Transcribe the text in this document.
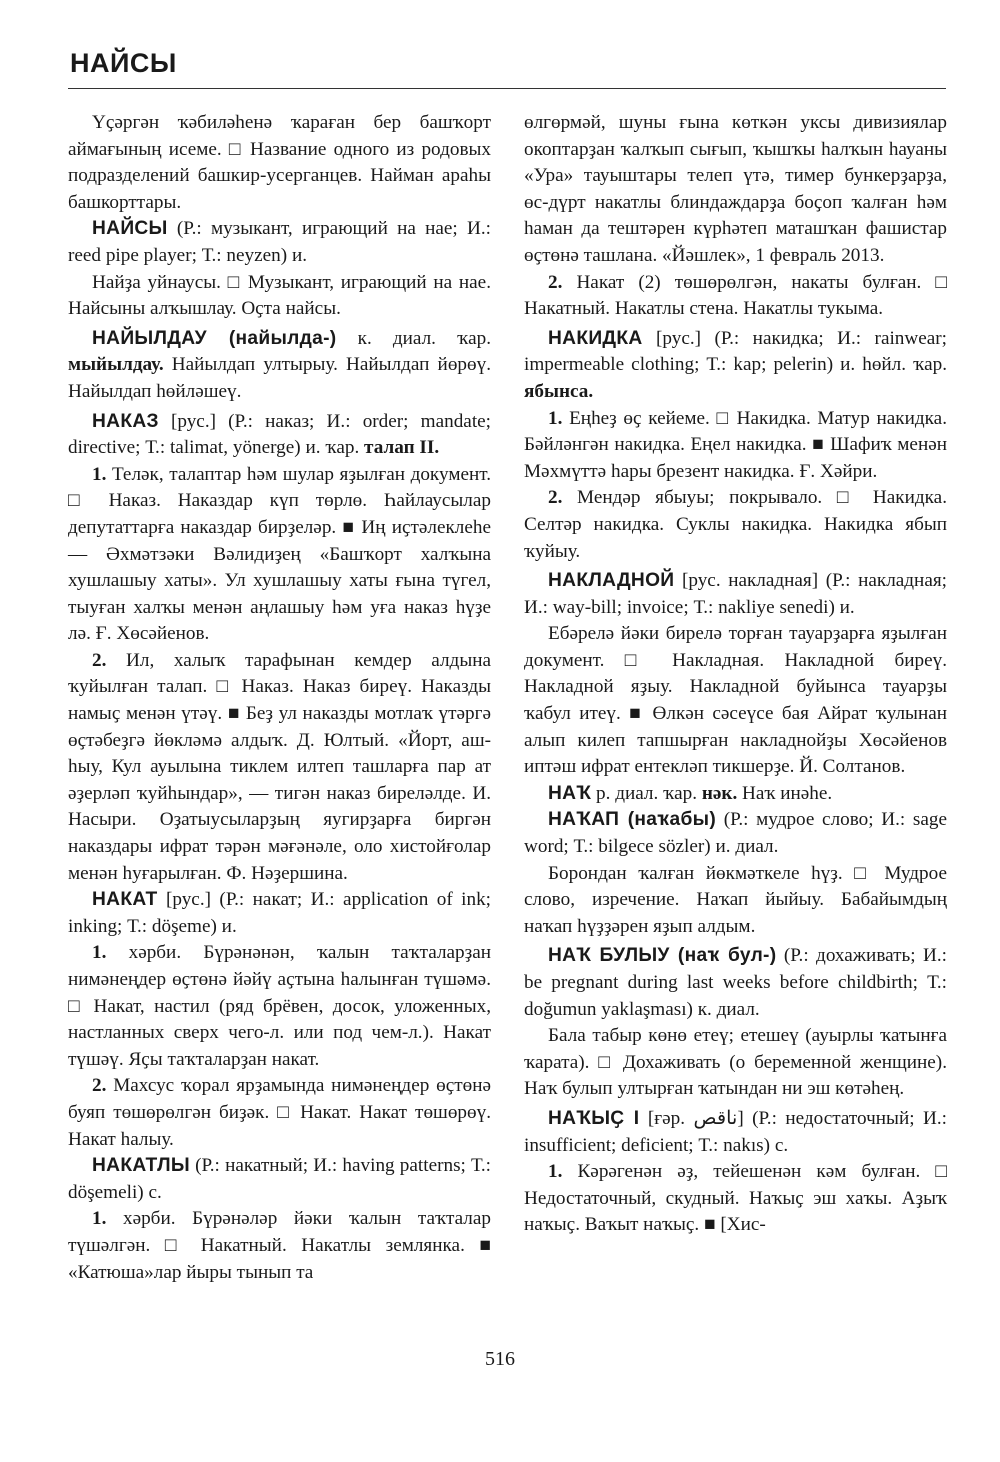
НАЙСЫ

Үҫәргән ҡәбиләһенә ҡараған бер башҡорт аймағының исеме. □ Название одного из родовых подразделений башкир-усерганцев. Найман араһы башкорттары.

НАЙСЫ (Р.: музыкант, играющий на нае; И.: reed pipe player; Т.: neyzen) и.

Найҙа уйнаусы. □ Музыкант, играющий на нае. Найсыны алҡышлау. Оҫта найсы.

НАЙЫЛДАУ (найылда-) к. диал. ҡар. мыйылдау. Найылдап ултырыу. Найылдап йөрөү. Найылдап һөйләшеү.

НАКАЗ [рус.] (Р.: наказ; И.: order; mandate; directive; Т.: talimat, yönerge) и. ҡар. талап II.

1. Теләк, талаптар һәм шулар яҙылған документ. □ Наказ. Наказдар күп төрлө. Һайлаусылар депутаттарға наказдар бирҙеләр. ■ Иң иҫтәлеклеһе — Әхмәтзәки Вәлидиҙең «Башҡорт халҡына хушлашыу хаты». Ул хушлашыу хаты ғына түгел, тыуған халҡы менән аңлашыу һәм уға наказ һүҙе лә. Ғ. Хөсәйенов.

2. Ил, халыҡ тарафынан кемдер алдына ҡуйылған талап. □ Наказ. Наказ биреү. Наказды намыҫ менән үтәү. ■ Беҙ ул наказды мотлаҡ үтәргә өҫтәбеҙгә йөкләмә алдыҡ. Д. Юлтый. «Йорт, аш-һыу, Кул ауылына тиклем илтеп ташларға пар ат әҙерләп ҡуйһындар», — тигән наказ биреләлде. И. Насыри. Оҙатыусыларҙың яугирҙарға биргән наказдары ифрат тәрән мәғәнәле, оло хистойғолар менән һуғарылған. Ф. Нәҙершина.

НАКАТ [рус.] (Р.: накат; И.: application of ink; inking; Т.: döşeme) и.

1. хәрби. Бүрәнәнән, ҡалын таҡталарҙан нимәнеңдер өҫтөнә йәйү аҫтына һалынған түшәмә. □ Накат, настил (ряд брёвен, досок, уложенных, настланных сверх чего-л. или под чем-л.). Накат түшәү. Яҫы таҡталарҙан накат.

2. Махсус ҡорал ярҙамында нимәнеңдер өҫтөнә буяп төшөрөлгән биҙәк. □ Накат. Накат төшөрөү. Накат һалыу.

НАКАТЛЫ (Р.: накатный; И.: having patterns; Т.: döşemeli) с.

1. хәрби. Бүрәнәләр йәки ҡалын таҡталар түшәлгән. □ Накатный. Накатлы землянка. ■ «Катюша»лар йыры тынып та

өлгөрмәй, шуны ғына көткән уксы дивизиялар окоптарҙан ҡалҡып сығып, ҡышҡы һалҡын һауаны «Ура» тауыштары телеп үтә, тимер бункерҙарҙа, өс-дүрт накатлы блиндаждарҙа боҫоп ҡалған һәм һаман да тештәрен күрһәтеп маташҡан фашистар өҫтөнә ташлана. «Йәшлек», 1 февраль 2013.

2. Накат (2) төшөрөлгән, накаты булған. □ Накатный. Накатлы стена. Накатлы тукыма.

НАКИДКА [рус.] (Р.: накидка; И.: rainwear; impermeable clothing; Т.: kap; pelerin) и. һөйл. ҡар. ябынса.

1. Еңһеҙ өҫ кейеме. □ Накидка. Матур накидка. Бәйләнгән накидка. Еңел накидка. ■ Шафиҡ менән Мәхмүттә һары брезент накидка. Ғ. Хәйри.

2. Мендәр ябыуы; покрывало. □ Накидка. Селтәр накидка. Суклы накидка. Накидка ябып ҡуйыу.

НАКЛАДНОЙ [рус. накладная] (Р.: накладная; И.: way-bill; invoice; Т.: nakliye senedi) и.

Ебәрелә йәки бирелә торған тауарҙарға яҙылған документ. □ Накладная. Накладной биреү. Накладной яҙыу. Накладной буйынса тауарҙы ҡабул итеү. ■ Өлкән сәсеүсе бая Айрат ҡулынан алып килеп тапшырған накладнойҙы Хөсәйенов иптәш ифрат ентекләп тикшерҙе. Й. Солтанов.

НАҠ р. диал. ҡар. нәк. Наҡ инәһе.

НАҠАП (наҡабы) (Р.: мудрое слово; И.: sage word; Т.: bilgece sözler) и. диал.

Борондан ҡалған йөкмәткеле һүҙ. □ Мудрое слово, изречение. Наҡап йыйыу. Бабайымдың наҡап һүҙҙәрен яҙып алдым.

НАҠ БУЛЫУ (наҡ бул-) (Р.: дохаживать; И.: be pregnant during last weeks before childbirth; Т.: doğumun yaklaşması) к. диал.

Бала табыр көнө етеү; етешеү (ауырлы ҡатынға ҡарата). □ Дохаживать (о беременной женщине). Наҡ булып ултырған ҡатындан ни эш көтәһең.

НАҠЫҪ I [ғәр. ناقص] (Р.: недостаточный; И.: insufficient; deficient; Т.: nakıs) с.

1. Кәрәгенән әҙ, тейешенән кәм булған. □ Недостаточный, скудный. Наҡыҫ эш хаҡы. Аҙыҡ наҡыҫ. Ваҡыт наҡыҫ. ■ [Хис-

516
